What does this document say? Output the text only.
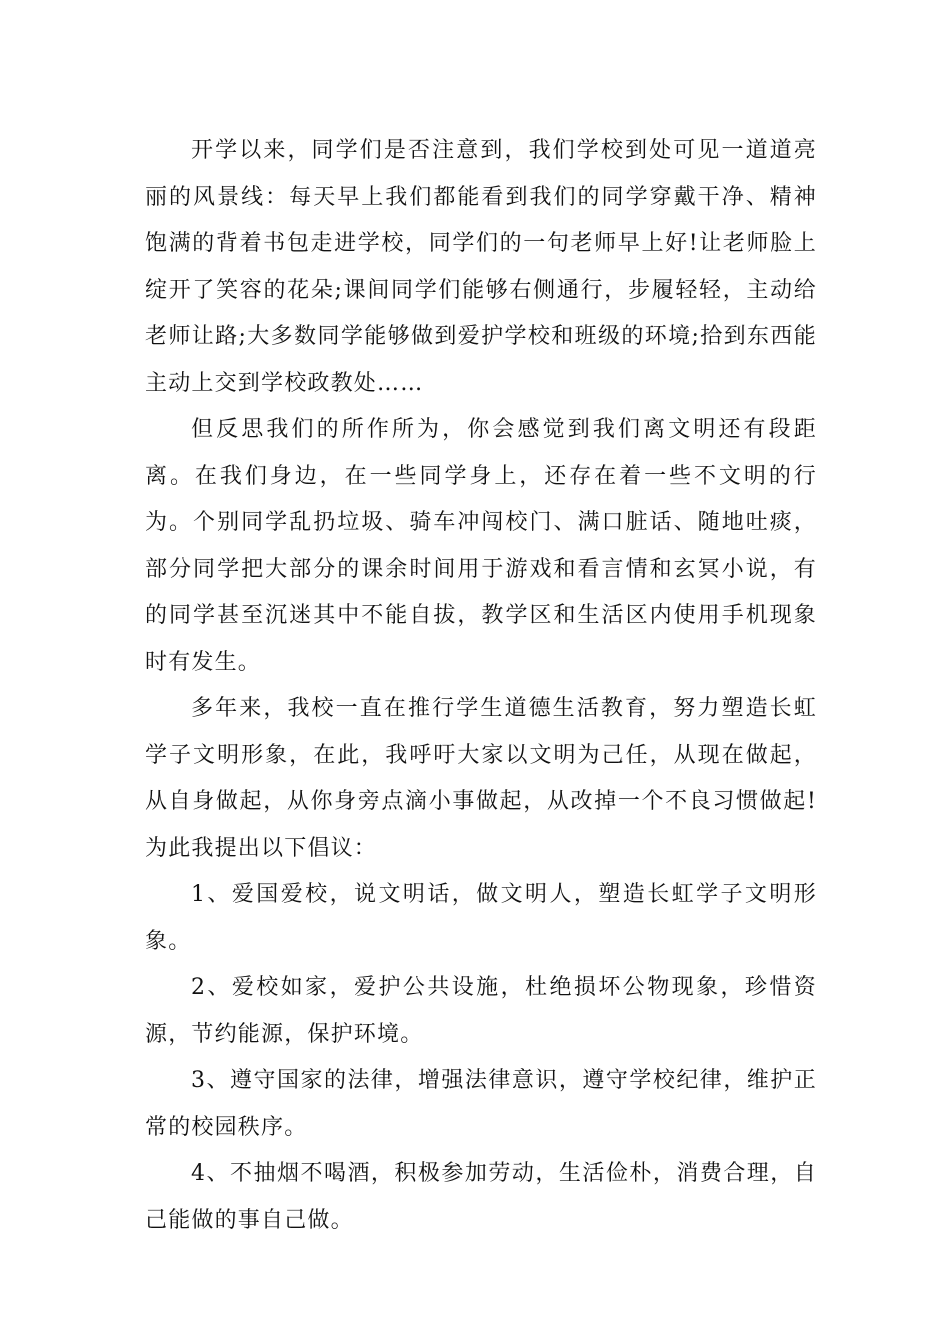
开学以来，同学们是否注意到，我们学校到处可见一道道亮丽的风景线：每天早上我们都能看到我们的同学穿戴干净、精神饱满的背着书包走进学校，同学们的一句老师早上好!让老师脸上绽开了笑容的花朵;课间同学们能够右侧通行，步履轻轻，主动给老师让路;大多数同学能够做到爱护学校和班级的环境;拾到东西能主动上交到学校政教处……

但反思我们的所作所为，你会感觉到我们离文明还有段距离。在我们身边，在一些同学身上，还存在着一些不文明的行为。个别同学乱扔垃圾、骑车冲闯校门、满口脏话、随地吐痰，部分同学把大部分的课余时间用于游戏和看言情和玄冥小说，有的同学甚至沉迷其中不能自拔，教学区和生活区内使用手机现象时有发生。

多年来，我校一直在推行学生道德生活教育，努力塑造长虹学子文明形象，在此，我呼吁大家以文明为己任，从现在做起，从自身做起，从你身旁点滴小事做起，从改掉一个不良习惯做起!为此我提出以下倡议：

1、爱国爱校，说文明话，做文明人，塑造长虹学子文明形象。

2、爱校如家，爱护公共设施，杜绝损坏公物现象，珍惜资源，节约能源，保护环境。

3、遵守国家的法律，增强法律意识，遵守学校纪律，维护正常的校园秩序。

4、不抽烟不喝酒，积极参加劳动，生活俭朴，消费合理，自己能做的事自己做。
